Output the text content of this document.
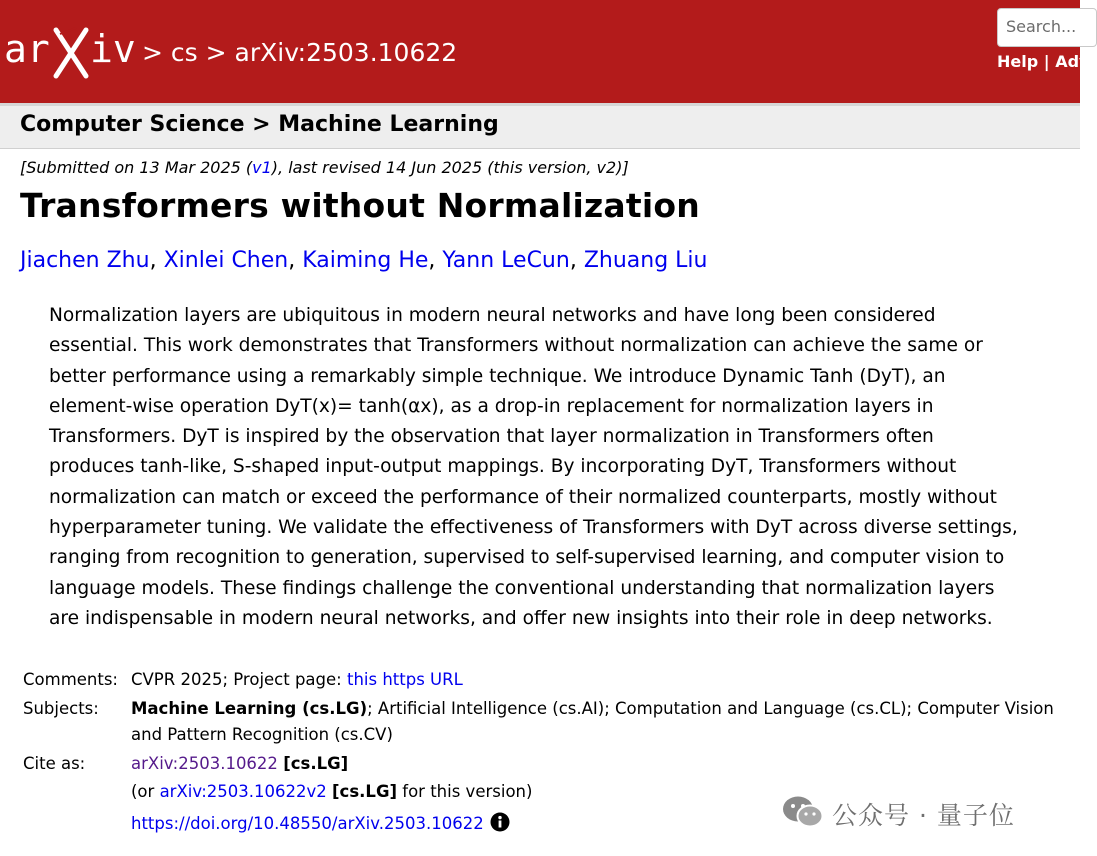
ar iv > cs > arXiv:2503.10622
Search...	Help | Adv
Computer Science > Machine Learning
[Submitted on 13 Mar 2025 (v1), last revised 14 Jun 2025 (this version, v2)]
Transformers without Normalization
Jiachen Zhu, Xinlei Chen, Kaiming He, Yann LeCun, Zhuang Liu
Normalization layers are ubiquitous in modern neural networks and have long been considered
essential. This work demonstrates that Transformers without normalization can achieve the same or
better performance using a remarkably simple technique. We introduce Dynamic Tanh (DyT), an
element-wise operation DyT(x)= tanh(αx), as a drop-in replacement for normalization layers in
Transformers. DyT is inspired by the observation that layer normalization in Transformers often
produces tanh-like, S-shaped input-output mappings. By incorporating DyT, Transformers without
normalization can match or exceed the performance of their normalized counterparts, mostly without
hyperparameter tuning. We validate the effectiveness of Transformers with DyT across diverse settings,
ranging from recognition to generation, supervised to self-supervised learning, and computer vision to
language models. These findings challenge the conventional understanding that normalization layers
are indispensable in modern neural networks, and offer new insights into their role in deep networks.
Comments: CVPR 2025; Project page: this https URL
Subjects: Machine Learning (cs.LG); Artificial Intelligence (cs.AI); Computation and Language (cs.CL); Computer Vision
and Pattern Recognition (cs.CV)
Cite as:	arXiv:2503.10622 [cs.LG]
(or arXiv:2503.10622v2 [cs.LG] for this version)
https://doi.org/10.48550/arXiv.2503.10622	公众号 · 量子位
